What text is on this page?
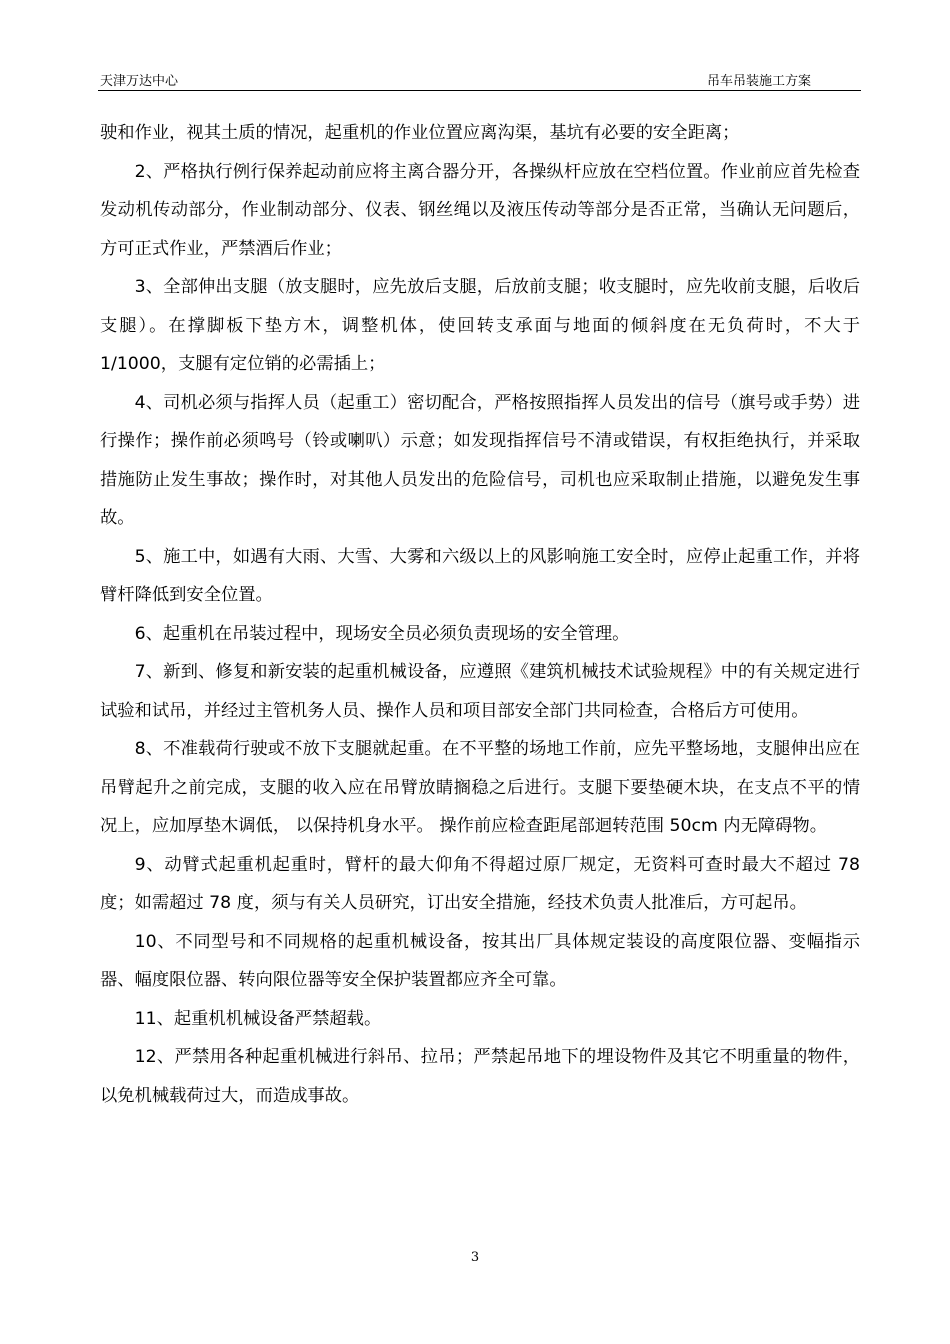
天津万达中心	吊车吊装施工方案

驶和作业，视其土质的情况，起重机的作业位置应离沟渠，基坑有必要的安全距离；

2、严格执行例行保养起动前应将主离合器分开，各操纵杆应放在空档位置。作业前应首先检查发动机传动部分，作业制动部分、仪表、钢丝绳以及液压传动等部分是否正常，当确认无问题后，方可正式作业，严禁酒后作业；

3、全部伸出支腿（放支腿时，应先放后支腿，后放前支腿；收支腿时，应先收前支腿，后收后支腿）。在撑脚板下垫方木，调整机体，使回转支承面与地面的倾斜度在无负荷时，不大于 1/1000，支腿有定位销的必需插上；

4、司机必须与指挥人员（起重工）密切配合，严格按照指挥人员发出的信号（旗号或手势）进行操作；操作前必须鸣号（铃或喇叭）示意；如发现指挥信号不清或错误，有权拒绝执行，并采取措施防止发生事故；操作时，对其他人员发出的危险信号，司机也应采取制止措施，以避免发生事故。

5、施工中，如遇有大雨、大雪、大雾和六级以上的风影响施工安全时，应停止起重工作，并将臂杆降低到安全位置。

6、起重机在吊装过程中，现场安全员必须负责现场的安全管理。

7、新到、修复和新安装的起重机械设备，应遵照《建筑机械技术试验规程》中的有关规定进行试验和试吊，并经过主管机务人员、操作人员和项目部安全部门共同检查，合格后方可使用。

8、不准载荷行驶或不放下支腿就起重。在不平整的场地工作前，应先平整场地，支腿伸出应在吊臂起升之前完成，支腿的收入应在吊臂放睛搁稳之后进行。支腿下要垫硬木块，在支点不平的情况上，应加厚垫木调低， 以保持机身水平。 操作前应检查距尾部迴转范围 50cm 内无障碍物。

9、动臂式起重机起重时，臂杆的最大仰角不得超过原厂规定，无资料可查时最大不超过 78 度；如需超过 78 度，须与有关人员研究，订出安全措施，经技术负责人批准后，方可起吊。

10、不同型号和不同规格的起重机械设备，按其出厂具体规定装设的高度限位器、变幅指示器、幅度限位器、转向限位器等安全保护装置都应齐全可靠。

11、起重机机械设备严禁超载。

12、严禁用各种起重机械进行斜吊、拉吊；严禁起吊地下的埋设物件及其它不明重量的物件，以免机械载荷过大，而造成事故。

3
